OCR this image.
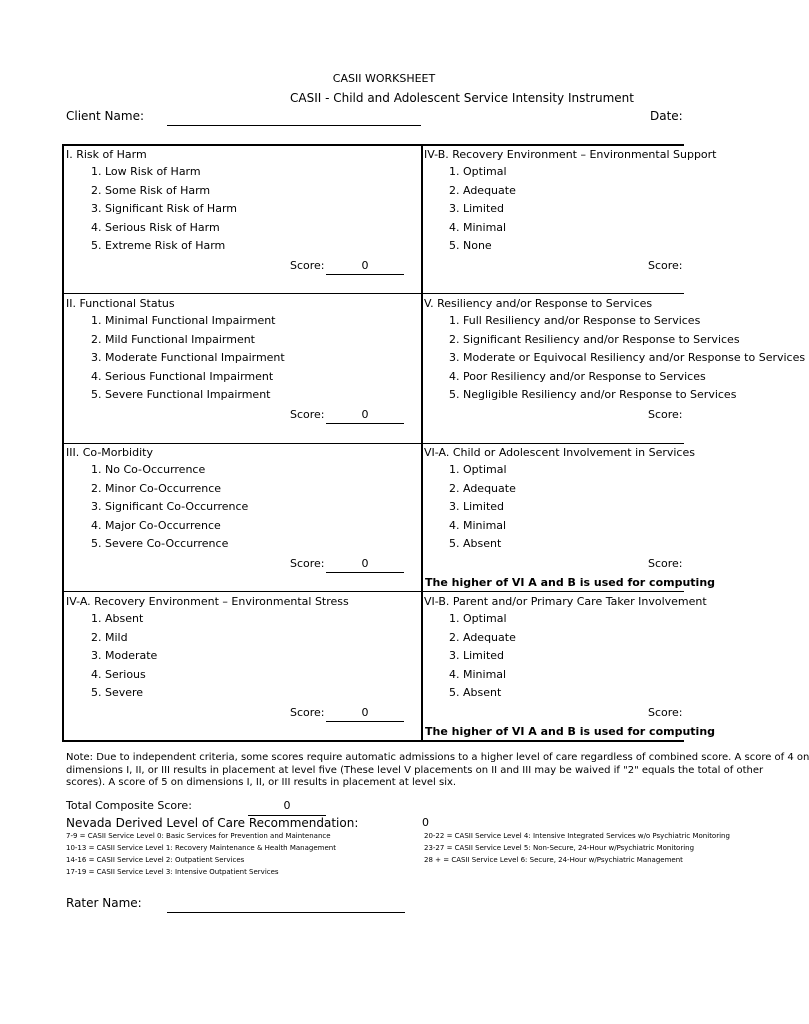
CASII WORKSHEET
CASII - Child and Adolescent Service Intensity Instrument
Client Name:	Date:
I. Risk of Harm
1. Low Risk of Harm
2. Some Risk of Harm
3. Significant Risk of Harm
4. Serious Risk of Harm
5. Extreme Risk of Harm
Score:	0
II. Functional Status
1. Minimal Functional Impairment
2. Mild Functional Impairment
3. Moderate Functional Impairment
4. Serious Functional Impairment
5. Severe Functional Impairment
Score:	0
III. Co-Morbidity
1. No Co-Occurrence
2. Minor Co-Occurrence
3. Significant Co-Occurrence
4. Major Co-Occurrence
5. Severe Co-Occurrence
Score:	0
IV-A. Recovery Environment – Environmental Stress
1. Absent
2. Mild
3. Moderate
4. Serious
5. Severe
Score:	0
IV-B. Recovery Environment – Environmental Support
1. Optimal
2. Adequate
3. Limited
4. Minimal
5. None
Score:
V. Resiliency and/or Response to Services
1. Full Resiliency and/or Response to Services
2. Significant Resiliency and/or Response to Services
3. Moderate or Equivocal Resiliency and/or Response to Services
4. Poor Resiliency and/or Response to Services
5. Negligible Resiliency and/or Response to Services
Score:
VI-A. Child or Adolescent Involvement in Services
1. Optimal
2. Adequate
3. Limited
4. Minimal
5. Absent
Score:
The higher of VI A and B is used for computing
VI-B. Parent and/or Primary Care Taker Involvement
1. Optimal
2. Adequate
3. Limited
4. Minimal
5. Absent
Score:
The higher of VI A and B is used for computing
Note: Due to independent criteria, some scores require automatic admissions to a higher level of care regardless of combined score. A score of 4 on
dimensions I, II, or III results in placement at level five (These level V placements on II and III may be waived if "2" equals the total of other
scores). A score of 5 on dimensions I, II, or III results in placement at level six.
Total Composite Score:	0
Nevada Derived Level of Care Recommendation:	0
7-9 = CASII Service Level 0: Basic Services for Prevention and Maintenance
10-13 = CASII Service Level 1: Recovery Maintenance & Health Management
14-16 = CASII Service Level 2: Outpatient Services
17-19 = CASII Service Level 3: Intensive Outpatient Services
20-22 = CASII Service Level 4: Intensive Integrated Services w/o Psychiatric Monitoring
23-27 = CASII Service Level 5: Non-Secure, 24-Hour w/Psychiatric Monitoring
28 + = CASII Service Level 6: Secure, 24-Hour w/Psychiatric Management
Rater Name:
